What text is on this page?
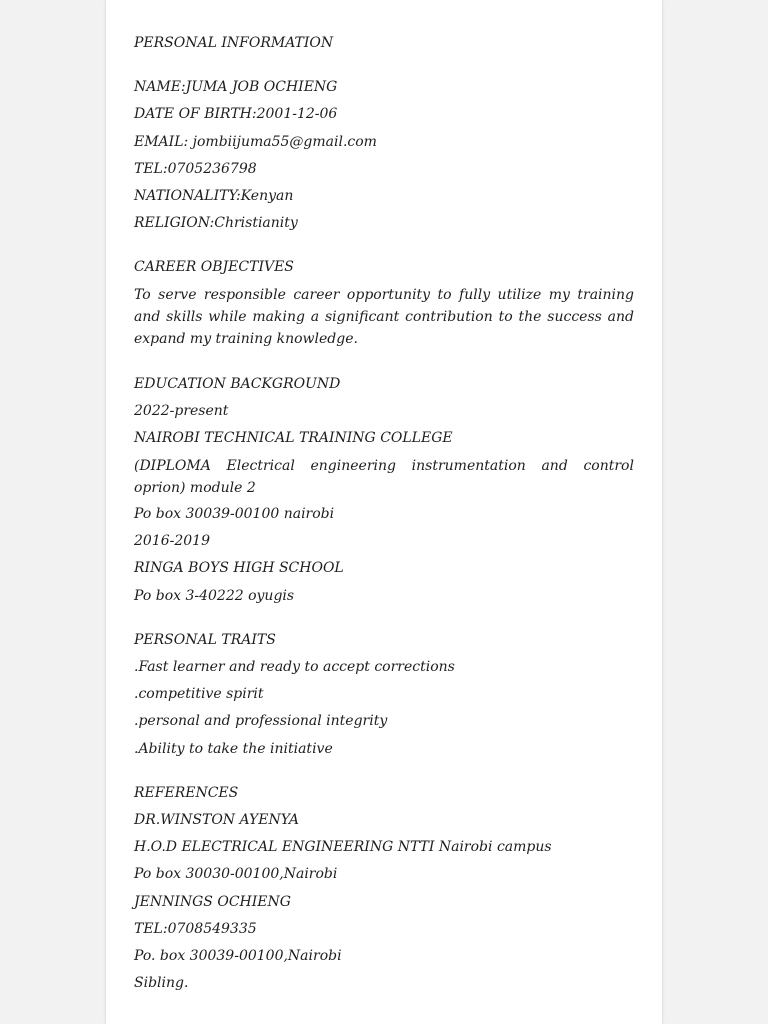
PERSONAL INFORMATION
NAME:JUMA JOB OCHIENG
DATE OF BIRTH:2001-12-06
EMAIL: jombiijuma55@gmail.com
TEL:0705236798
NATIONALITY:Kenyan
RELIGION:Christianity
CAREER OBJECTIVES
To serve responsible career opportunity to fully utilize my training and skills while making a significant contribution to the success and expand my training knowledge.
EDUCATION BACKGROUND
2022-present
NAIROBI TECHNICAL TRAINING COLLEGE
(DIPLOMA Electrical engineering instrumentation and control
oprion) module 2
Po box 30039-00100 nairobi
2016-2019
RINGA BOYS HIGH SCHOOL
Po box 3-40222 oyugis
PERSONAL TRAITS
.Fast learner and ready to accept corrections
.competitive spirit
.personal and professional integrity
.Ability to take the initiative
REFERENCES
DR.WINSTON AYENYA
H.O.D ELECTRICAL ENGINEERING NTTI Nairobi campus
Po box 30030-00100,Nairobi
JENNINGS OCHIENG
TEL:0708549335
Po. box 30039-00100,Nairobi
Sibling.
